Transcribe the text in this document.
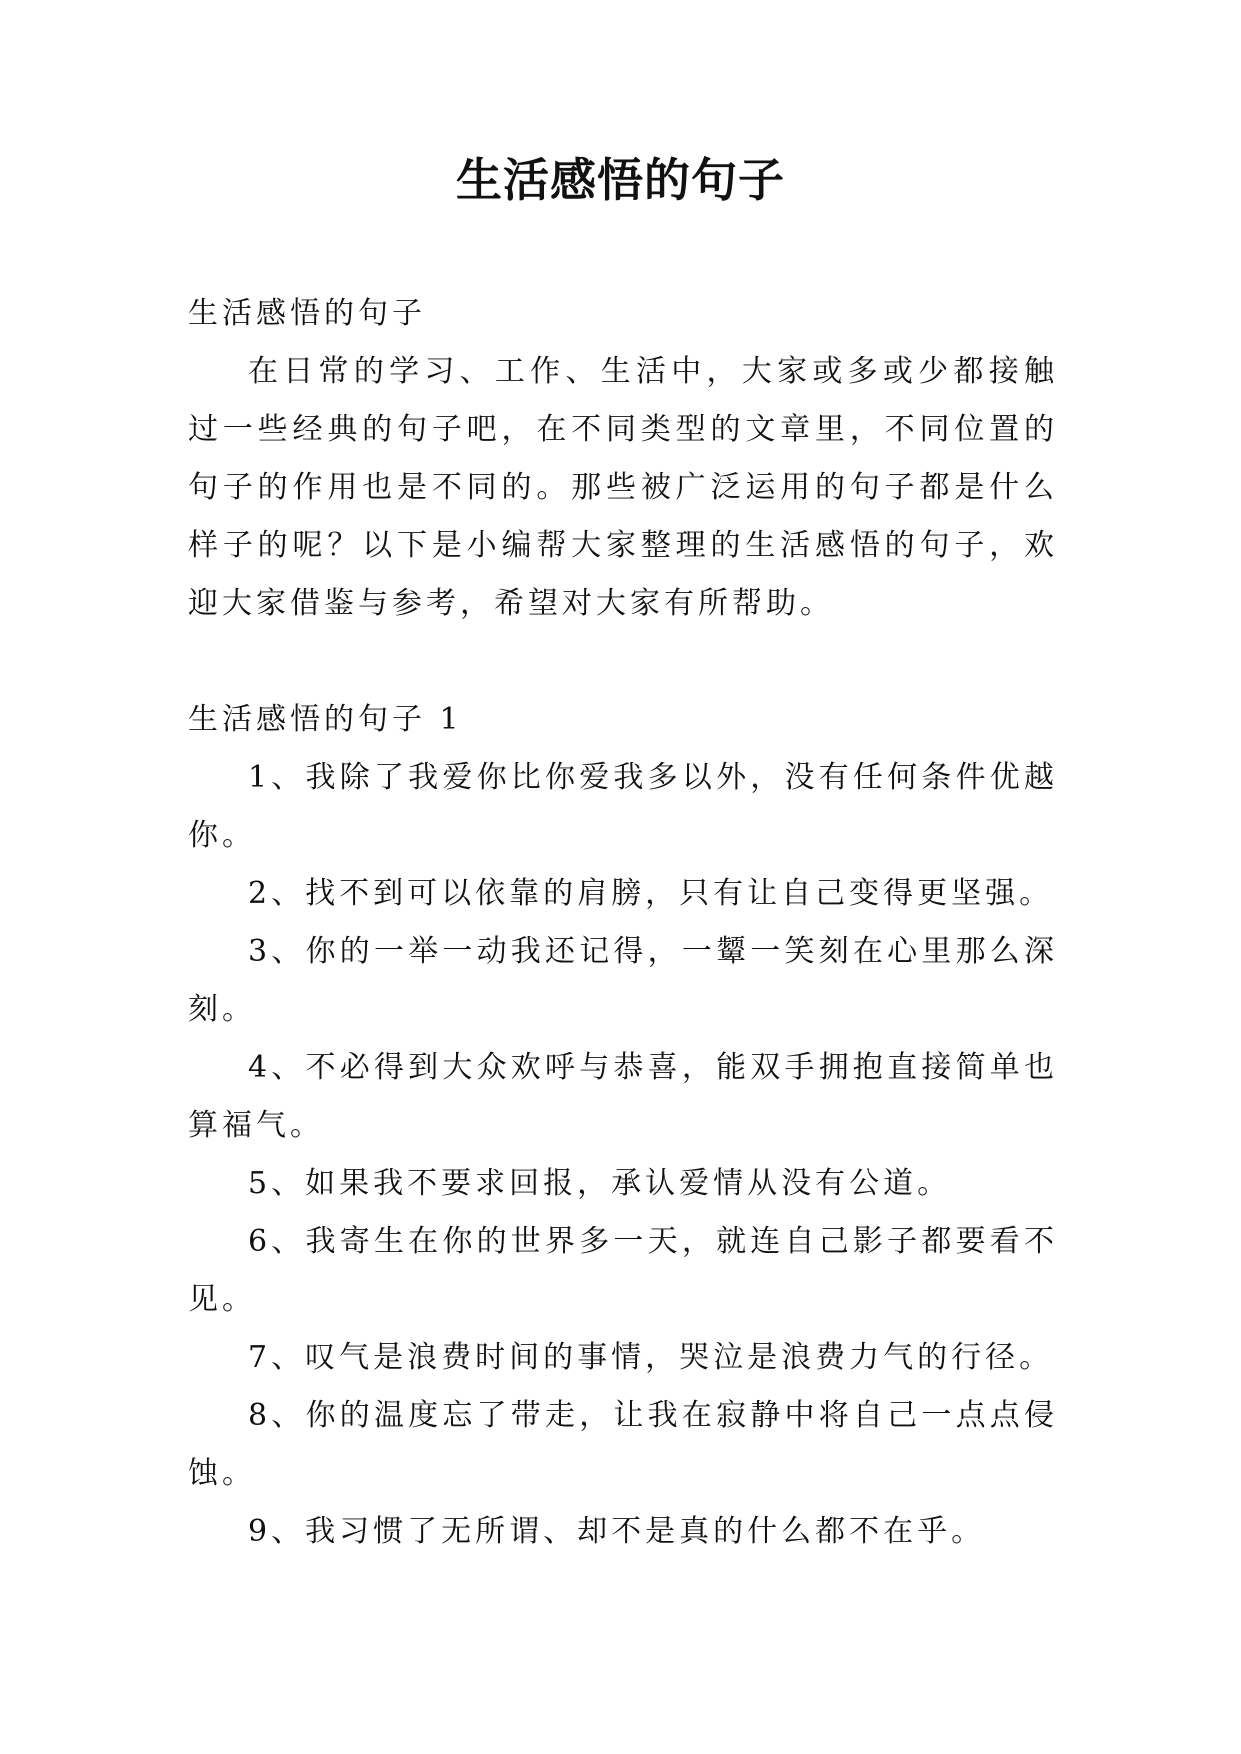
生活感悟的句子

生活感悟的句子

在日常的学习、工作、生活中，大家或多或少都接触过一些经典的句子吧，在不同类型的文章里，不同位置的句子的作用也是不同的。那些被广泛运用的句子都是什么样子的呢？以下是小编帮大家整理的生活感悟的句子，欢迎大家借鉴与参考，希望对大家有所帮助。

生活感悟的句子 1

1、我除了我爱你比你爱我多以外，没有任何条件优越你。

2、找不到可以依靠的肩膀，只有让自己变得更坚强。

3、你的一举一动我还记得，一颦一笑刻在心里那么深刻。

4、不必得到大众欢呼与恭喜，能双手拥抱直接简单也算福气。

5、如果我不要求回报，承认爱情从没有公道。

6、我寄生在你的世界多一天，就连自己影子都要看不见。

7、叹气是浪费时间的事情，哭泣是浪费力气的行径。

8、你的温度忘了带走，让我在寂静中将自己一点点侵蚀。

9、我习惯了无所谓、却不是真的什么都不在乎。
